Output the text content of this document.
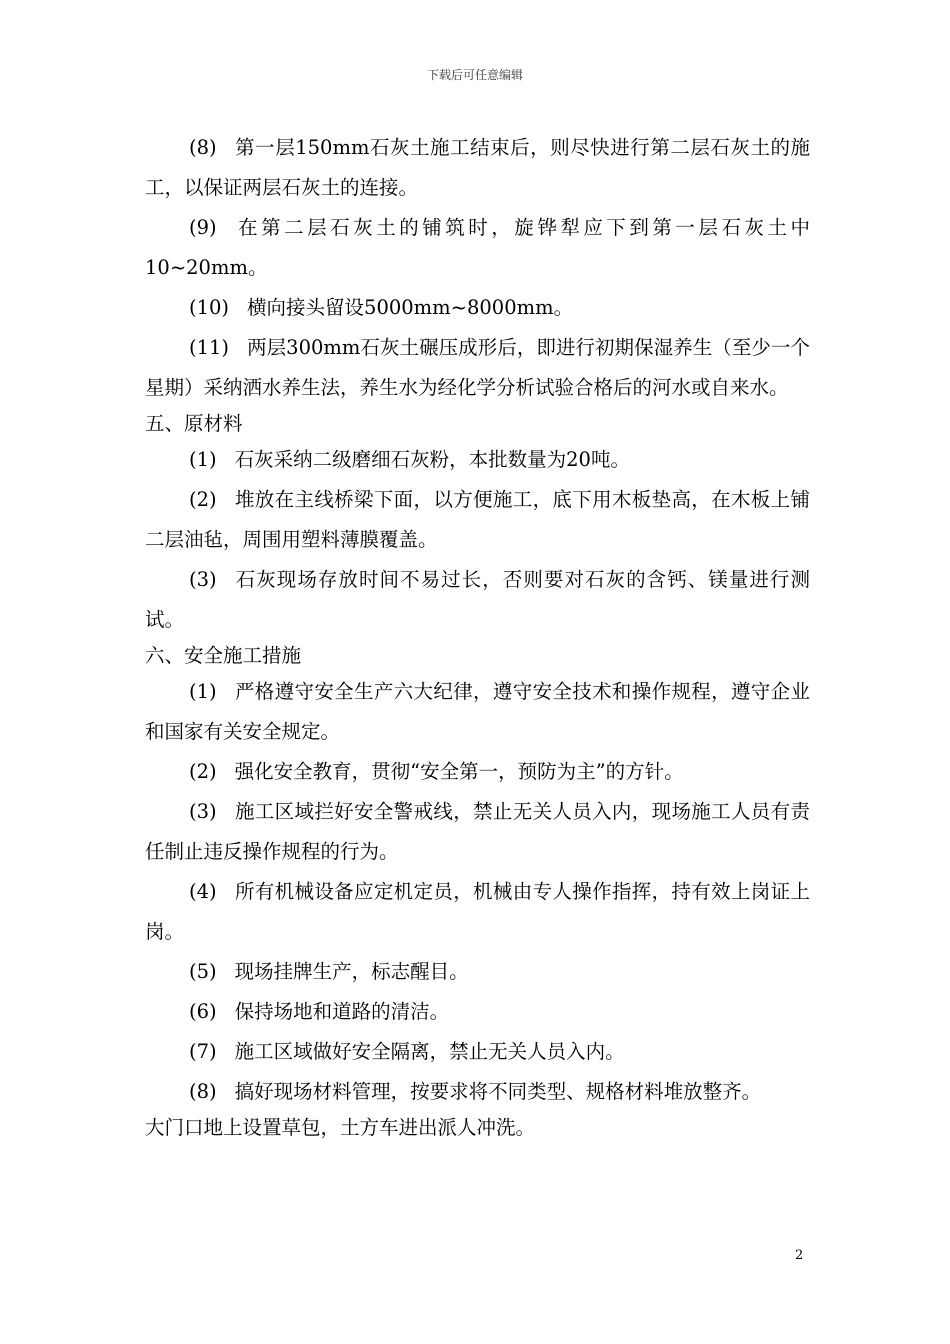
下载后可任意编辑

(8) 第一层150mm石灰土施工结束后，则尽快进行第二层石灰土的施工，以保证两层石灰土的连接。

(9) 在第二层石灰土的铺筑时，旋铧犁应下到第一层石灰土中10~20mm。

(10) 横向接头留设5000mm~8000mm。

(11) 两层300mm石灰土碾压成形后，即进行初期保湿养生（至少一个星期）采纳洒水养生法，养生水为经化学分析试验合格后的河水或自来水。

五、原材料

(1) 石灰采纳二级磨细石灰粉，本批数量为20吨。

(2) 堆放在主线桥梁下面，以方便施工，底下用木板垫高，在木板上铺二层油毡，周围用塑料薄膜覆盖。

(3) 石灰现场存放时间不易过长，否则要对石灰的含钙、镁量进行测试。

六、安全施工措施

(1) 严格遵守安全生产六大纪律，遵守安全技术和操作规程，遵守企业和国家有关安全规定。

(2) 强化安全教育，贯彻“安全第一，预防为主”的方针。

(3) 施工区域拦好安全警戒线，禁止无关人员入内，现场施工人员有责任制止违反操作规程的行为。

(4) 所有机械设备应定机定员，机械由专人操作指挥，持有效上岗证上岗。

(5) 现场挂牌生产，标志醒目。

(6) 保持场地和道路的清洁。

(7) 施工区域做好安全隔离，禁止无关人员入内。

(8) 搞好现场材料管理，按要求将不同类型、规格材料堆放整齐。

大门口地上设置草包，土方车进出派人冲洗。

2
